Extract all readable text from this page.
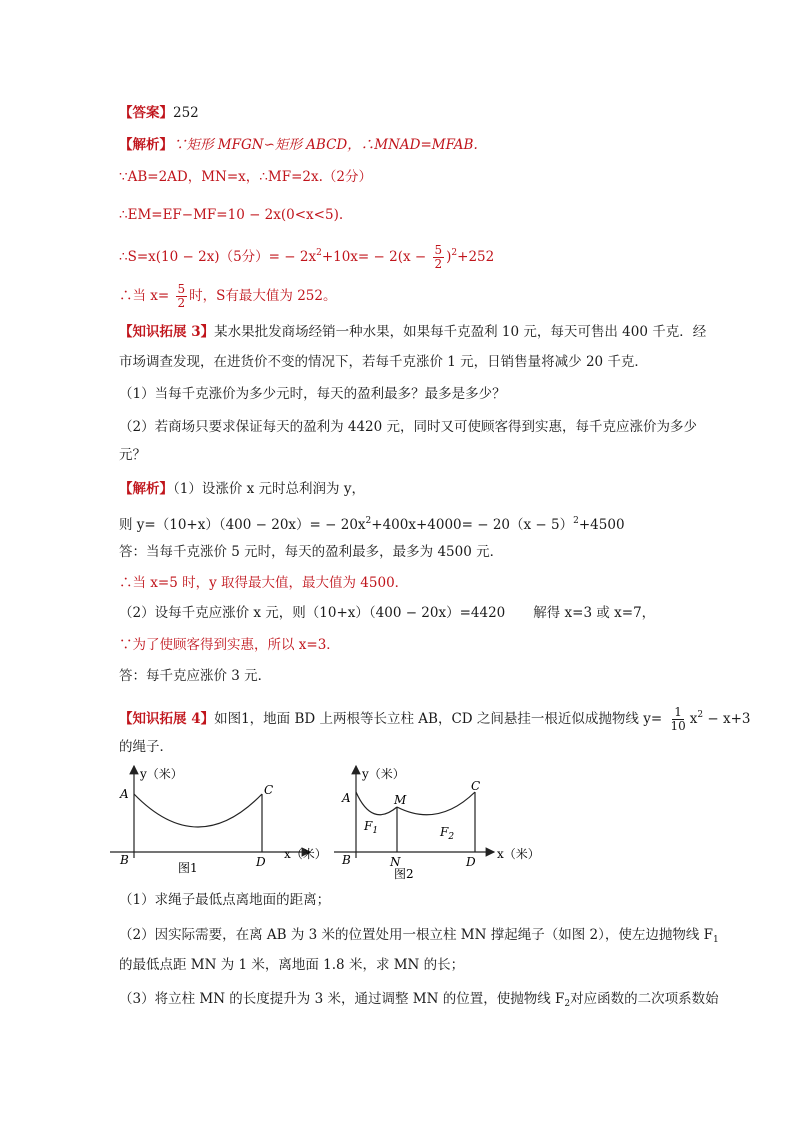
【答案】252
【解析】∵矩形 MFGN∽矩形 ABCD，∴MNAD=MFAB.
∵AB=2AD，MN=x，∴MF=2x.（2分）
∴EM=EF−MF=10 − 2x(0<x<5).
∴S=x(10 − 2x)（5分）= − $2x^2+10x= - 2(x - \frac{5}{2} )^2+252$
∴当 $x= \frac{5}{2}$ 时，S有最大值为 252。
【知识拓展 3】某水果批发商场经销一种水果，如果每千克盈利 10 元，每天可售出 400 千克．经
市场调查发现，在进货价不变的情况下，若每千克涨价 1 元，日销售量将减少 20 千克．
（1）当每千克涨价为多少元时，每天的盈利最多？最多是多少？
（2）若商场只要求保证每天的盈利为 4420 元，同时又可使顾客得到实惠，每千克应涨价为多少
元？
【解析】（1）设涨价 x 元时总利润为 y，
则 $y=(10+x)(400 - 20x)= - 20x^2+400x+4000= - 20(x - 5)^2+4500$
答：当每千克涨价 5 元时，每天的盈利最多，最多为 4500 元．
∴当 x=5 时，y 取得最大值，最大值为 4500．
（2）设每千克应涨价 x 元，则（10+x）（400 − 20x）=4420 解得 x=3 或 x=7，
∵为了使顾客得到实惠，所以 x=3．
答：每千克应涨价 3 元．
【知识拓展 4】如图1，地面 BD 上两根等长立柱 AB，CD 之间悬挂一根近似成抛物线 $y= \frac{1}{10} x^2 - x+3$
的绳子．
y（米）
x（米）
A
B
C
D
图1
y（米）
x（米）
A
B
C
D
M
N
$F_1$	$F_2$
图2
（1）求绳子最低点离地面的距离；
（2）因实际需要，在离 AB 为 3 米的位置处用一根立柱 MN 撑起绳子（如图 2），使左边抛物线 $F_1$
的最低点距 MN 为 1 米，离地面 1.8 米，求 MN 的长；
（3）将立柱 MN 的长度提升为 3 米，通过调整 MN 的位置，使抛物线 $F_2$对应函数的二次项系数始
